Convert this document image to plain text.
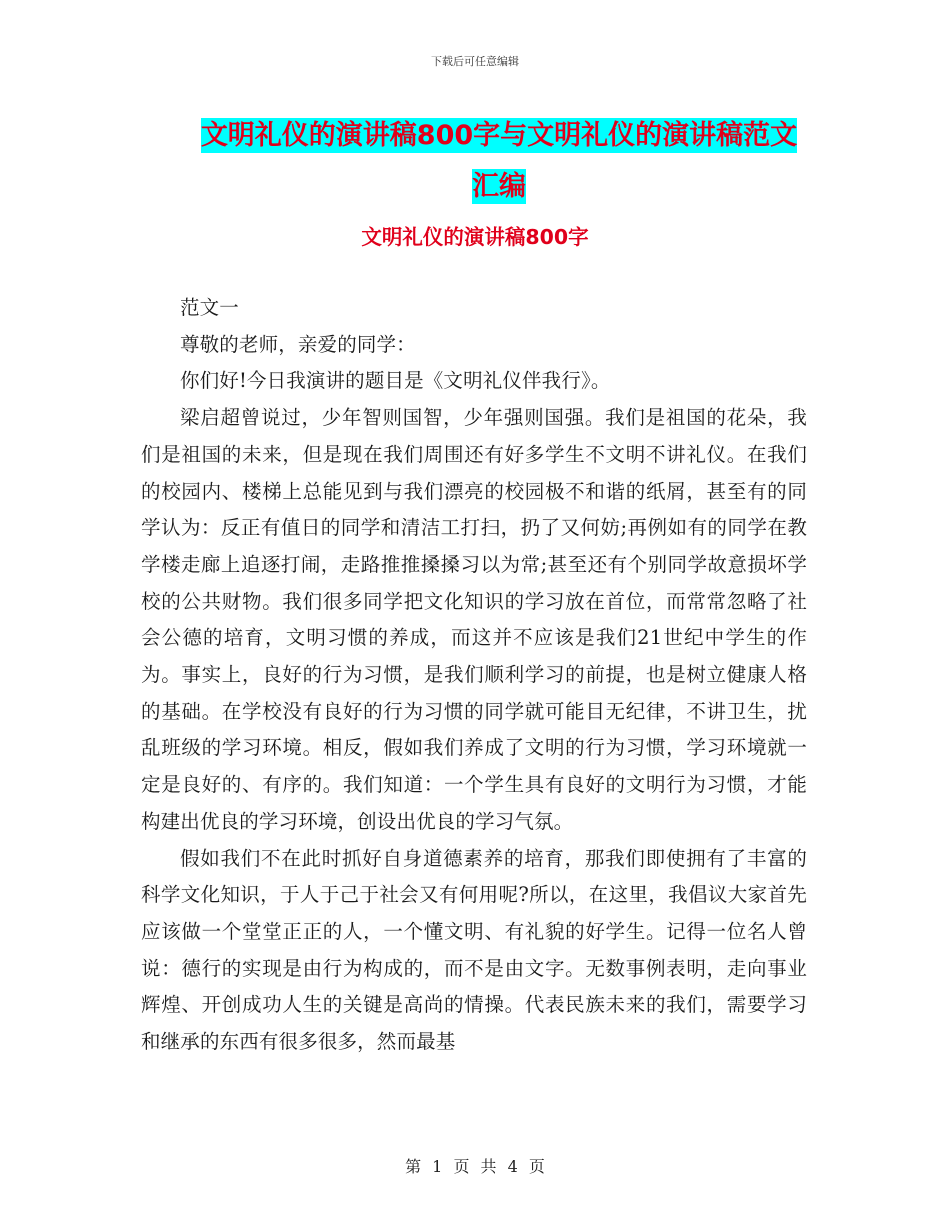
下载后可任意编辑
文明礼仪的演讲稿800字与文明礼仪的演讲稿范文汇编
文明礼仪的演讲稿800字

范文一

尊敬的老师，亲爱的同学：

你们好!今日我演讲的题目是《文明礼仪伴我行》。

梁启超曾说过，少年智则国智，少年强则国强。我们是祖国的花朵，我们是祖国的未来，但是现在我们周围还有好多学生不文明不讲礼仪。在我们的校园内、楼梯上总能见到与我们漂亮的校园极不和谐的纸屑，甚至有的同学认为：反正有值日的同学和清洁工打扫，扔了又何妨;再例如有的同学在教学楼走廊上追逐打闹，走路推推搡搡习以为常;甚至还有个别同学故意损坏学校的公共财物。我们很多同学把文化知识的学习放在首位，而常常忽略了社会公德的培育，文明习惯的养成，而这并不应该是我们21世纪中学生的作为。事实上，良好的行为习惯，是我们顺利学习的前提，也是树立健康人格的基础。在学校没有良好的行为习惯的同学就可能目无纪律，不讲卫生，扰乱班级的学习环境。相反，假如我们养成了文明的行为习惯，学习环境就一定是良好的、有序的。我们知道：一个学生具有良好的文明行为习惯，才能构建出优良的学习环境，创设出优良的学习气氛。

假如我们不在此时抓好自身道德素养的培育，那我们即使拥有了丰富的科学文化知识，于人于己于社会又有何用呢?所以，在这里，我倡议大家首先应该做一个堂堂正正的人，一个懂文明、有礼貌的好学生。记得一位名人曾说：德行的实现是由行为构成的，而不是由文字。无数事例表明，走向事业辉煌、开创成功人生的关键是高尚的情操。代表民族未来的我们，需要学习和继承的东西有很多很多，然而最基

第 1 页 共 4 页
